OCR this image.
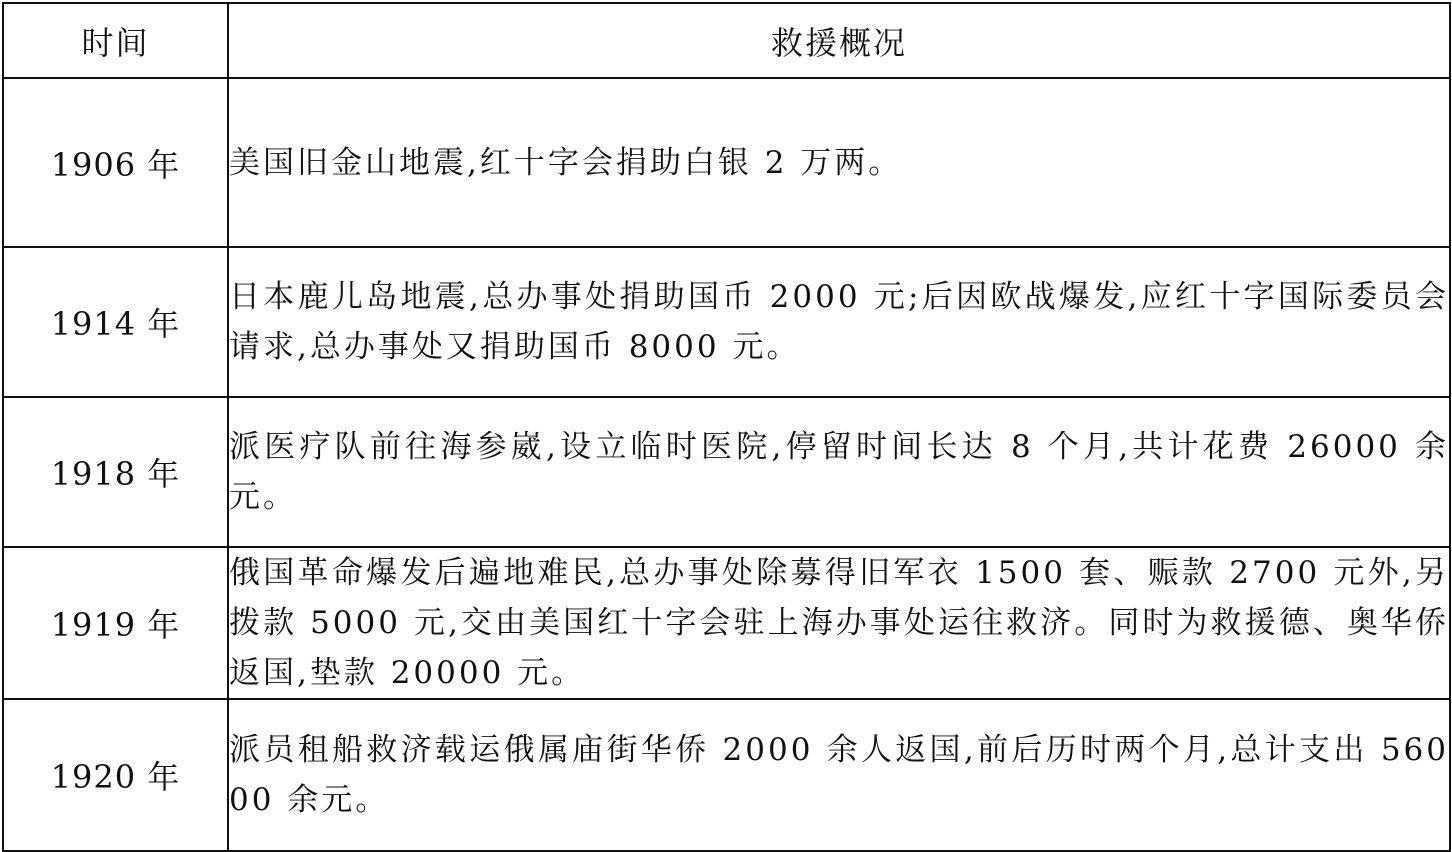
时间	救援概况
1906 年	美国旧金山地震,红十字会捐助白银 2 万两。
1914 年	日本鹿儿岛地震,总办事处捐助国币 2000 元;后因欧战爆发,应红十字国际委员会请求,总办事处又捐助国币 8000 元。
1918 年	派医疗队前往海参崴,设立临时医院,停留时间长达 8 个月,共计花费 26000 余元。
1919 年	俄国革命爆发后遍地难民,总办事处除募得旧军衣 1500 套、赈款 2700 元外,另拨款 5000 元,交由美国红十字会驻上海办事处运往救济。同时为救援德、奥华侨返国,垫款 20000 元。
1920 年	派员租船救济载运俄属庙街华侨 2000 余人返国,前后历时两个月,总计支出 56000 余元。
